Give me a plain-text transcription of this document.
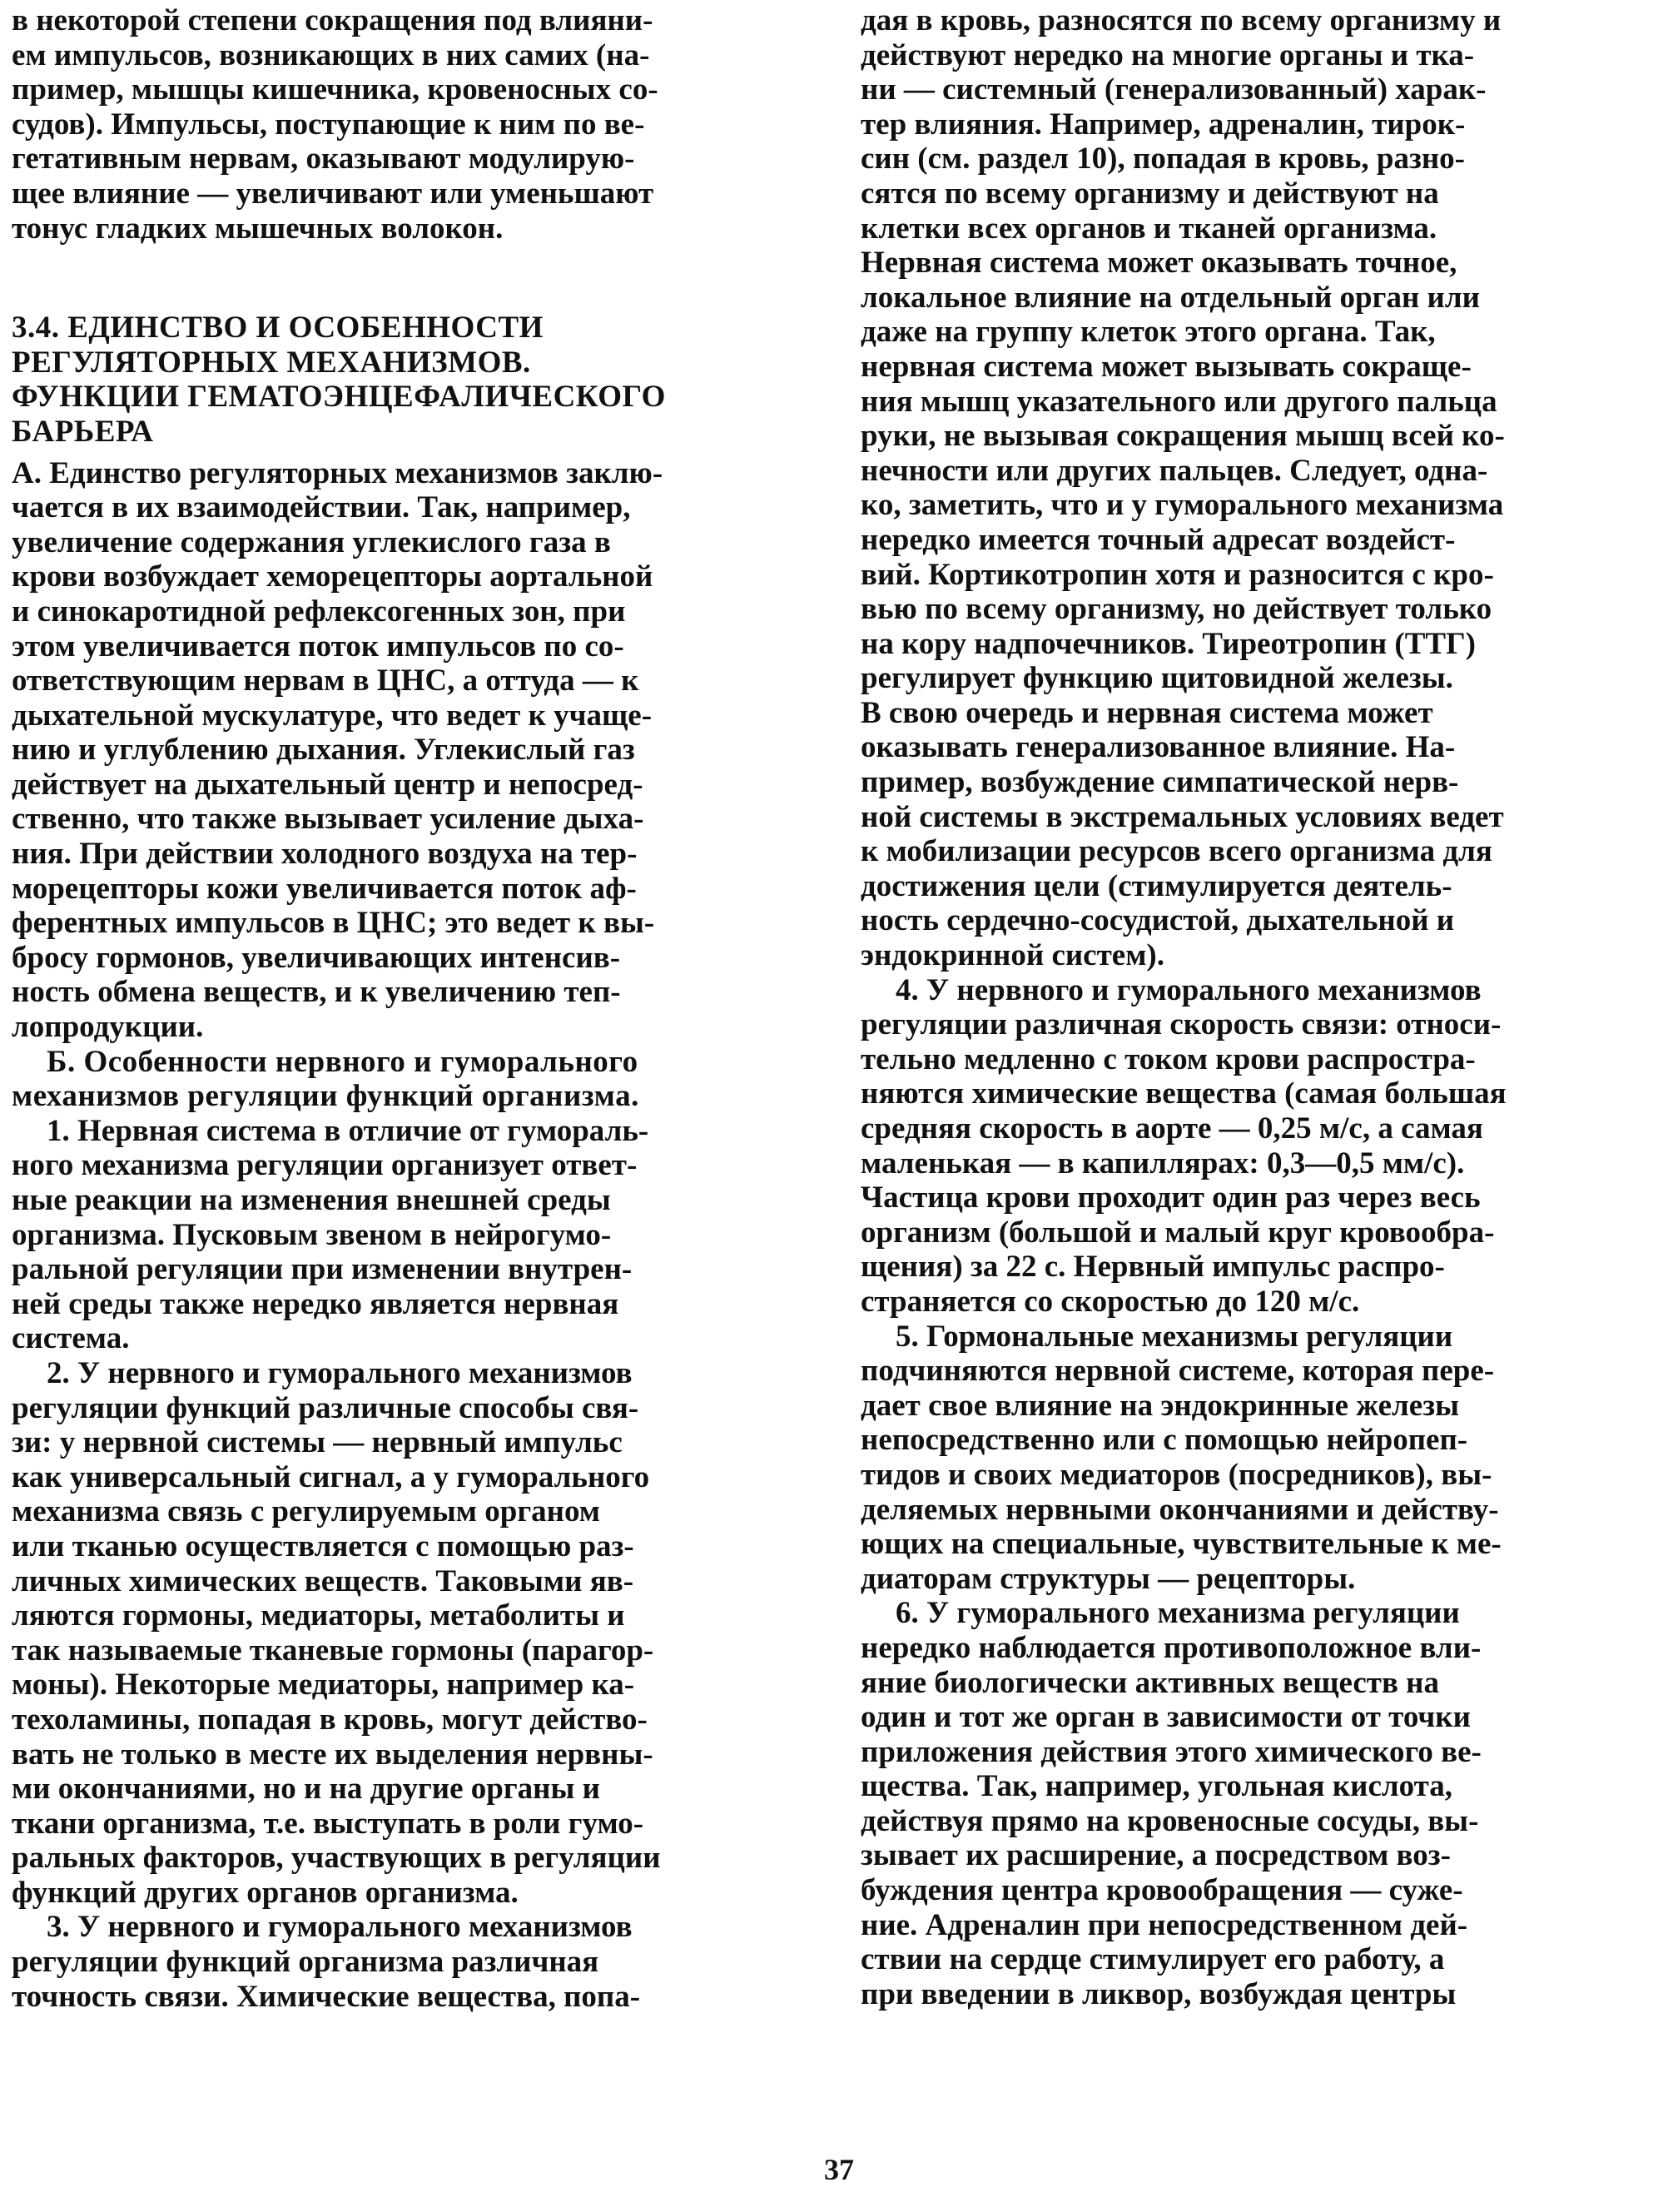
в некоторой степени сокращения под влияни-
ем импульсов, возникающих в них самих (на-
пример, мышцы кишечника, кровеносных со-
судов). Импульсы, поступающие к ним по ве-
гетативным нервам, оказывают модулирую-
щее влияние — увеличивают или уменьшают
тонус гладких мышечных волокон.
3.4. ЕДИНСТВО И ОСОБЕННОСТИ
РЕГУЛЯТОРНЫХ МЕХАНИЗМОВ.
ФУНКЦИИ ГЕМАТОЭНЦЕФАЛИЧЕСКОГО
БАРЬЕРА
А. Единство регуляторных механизмов заклю-
чается в их взаимодействии. Так, например,
увеличение содержания углекислого газа в
крови возбуждает хеморецепторы аортальной
и синокаротидной рефлексогенных зон, при
этом увеличивается поток импульсов по со-
ответствующим нервам в ЦНС, а оттуда — к
дыхательной мускулатуре, что ведет к учаще-
нию и углублению дыхания. Углекислый газ
действует на дыхательный центр и непосред-
ственно, что также вызывает усиление дыха-
ния. При действии холодного воздуха на тер-
морецепторы кожи увеличивается поток аф-
ферентных импульсов в ЦНС; это ведет к вы-
бросу гормонов, увеличивающих интенсив-
ность обмена веществ, и к увеличению теп-
лопродукции.
Б. Особенности нервного и гуморального
механизмов регуляции функций организма.
1. Нервная система в отличие от гумораль-
ного механизма регуляции организует ответ-
ные реакции на изменения внешней среды
организма. Пусковым звеном в нейрогумо-
ральной регуляции при изменении внутрен-
ней среды также нередко является нервная
система.
2. У нервного и гуморального механизмов
регуляции функций различные способы свя-
зи: у нервной системы — нервный импульс
как универсальный сигнал, а у гуморального
механизма связь с регулируемым органом
или тканью осуществляется с помощью раз-
личных химических веществ. Таковыми яв-
ляются гормоны, медиаторы, метаболиты и
так называемые тканевые гормоны (парагор-
моны). Некоторые медиаторы, например ка-
техоламины, попадая в кровь, могут действо-
вать не только в месте их выделения нервны-
ми окончаниями, но и на другие органы и
ткани организма, т.е. выступать в роли гумо-
ральных факторов, участвующих в регуляции
функций других органов организма.
3. У нервного и гуморального механизмов
регуляции функций организма различная
точность связи. Химические вещества, попа-
дая в кровь, разносятся по всему организму и
действуют нередко на многие органы и тка-
ни — системный (генерализованный) харак-
тер влияния. Например, адреналин, тирок-
син (см. раздел 10), попадая в кровь, разно-
сятся по всему организму и действуют на
клетки всех органов и тканей организма.
Нервная система может оказывать точное,
локальное влияние на отдельный орган или
даже на группу клеток этого органа. Так,
нервная система может вызывать сокраще-
ния мышц указательного или другого пальца
руки, не вызывая сокращения мышц всей ко-
нечности или других пальцев. Следует, одна-
ко, заметить, что и у гуморального механизма
нередко имеется точный адресат воздейст-
вий. Кортикотропин хотя и разносится с кро-
вью по всему организму, но действует только
на кору надпочечников. Тиреотропин (ТТГ)
регулирует функцию щитовидной железы.
В свою очередь и нервная система может
оказывать генерализованное влияние. На-
пример, возбуждение симпатической нерв-
ной системы в экстремальных условиях ведет
к мобилизации ресурсов всего организма для
достижения цели (стимулируется деятель-
ность сердечно-сосудистой, дыхательной и
эндокринной систем).
4. У нервного и гуморального механизмов
регуляции различная скорость связи: относи-
тельно медленно с током крови распростра-
няются химические вещества (самая большая
средняя скорость в аорте — 0,25 м/с, а самая
маленькая — в капиллярах: 0,3—0,5 мм/с).
Частица крови проходит один раз через весь
организм (большой и малый круг кровообра-
щения) за 22 с. Нервный импульс распро-
страняется со скоростью до 120 м/с.
5. Гормональные механизмы регуляции
подчиняются нервной системе, которая пере-
дает свое влияние на эндокринные железы
непосредственно или с помощью нейропеп-
тидов и своих медиаторов (посредников), вы-
деляемых нервными окончаниями и действу-
ющих на специальные, чувствительные к ме-
диаторам структуры — рецепторы.
6. У гуморального механизма регуляции
нередко наблюдается противоположное вли-
яние биологически активных веществ на
один и тот же орган в зависимости от точки
приложения действия этого химического ве-
щества. Так, например, угольная кислота,
действуя прямо на кровеносные сосуды, вы-
зывает их расширение, а посредством воз-
буждения центра кровообращения — суже-
ние. Адреналин при непосредственном дей-
ствии на сердце стимулирует его работу, а
при введении в ликвор, возбуждая центры
37
